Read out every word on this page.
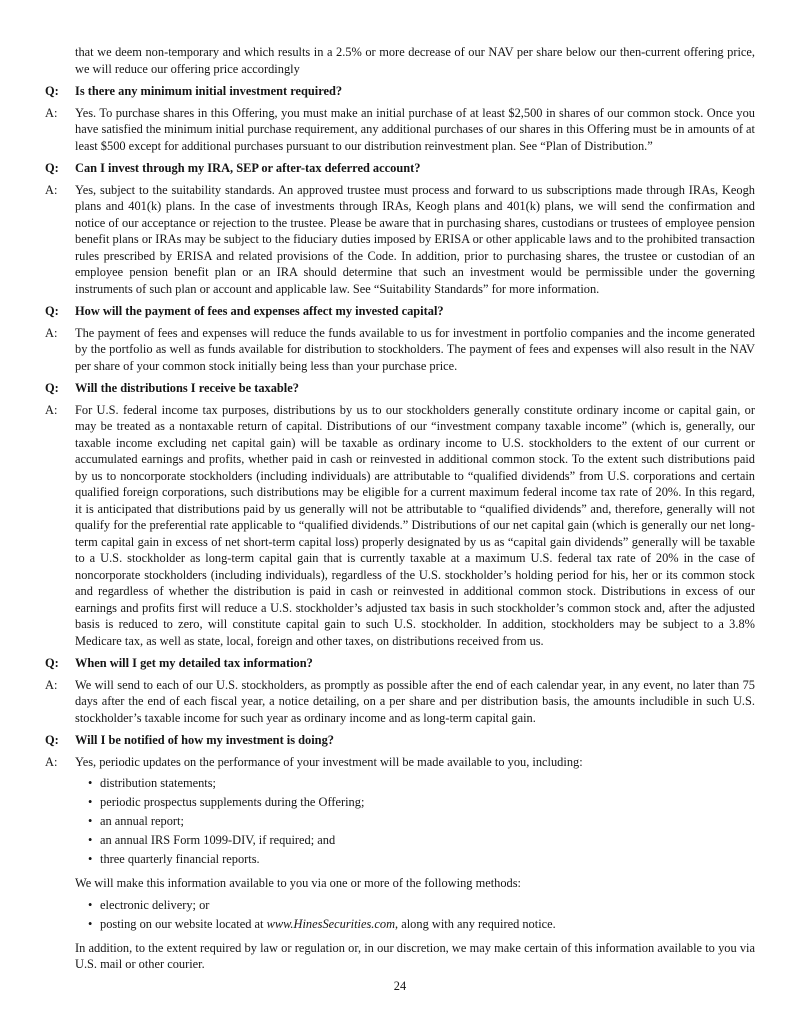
that we deem non-temporary and which results in a 2.5% or more decrease of our NAV per share below our then-current offering price, we will reduce our offering price accordingly

Q:	Is there any minimum initial investment required?
A:	Yes. To purchase shares in this Offering, you must make an initial purchase of at least $2,500 in shares of our common stock. Once you have satisfied the minimum initial purchase requirement, any additional purchases of our shares in this Offering must be in amounts of at least $500 except for additional purchases pursuant to our distribution reinvestment plan. See “Plan of Distribution.”

Q:	Can I invest through my IRA, SEP or after-tax deferred account?
A:	Yes, subject to the suitability standards. An approved trustee must process and forward to us subscriptions made through IRAs, Keogh plans and 401(k) plans. In the case of investments through IRAs, Keogh plans and 401(k) plans, we will send the confirmation and notice of our acceptance or rejection to the trustee. Please be aware that in purchasing shares, custodians or trustees of employee pension benefit plans or IRAs may be subject to the fiduciary duties imposed by ERISA or other applicable laws and to the prohibited transaction rules prescribed by ERISA and related provisions of the Code. In addition, prior to purchasing shares, the trustee or custodian of an employee pension benefit plan or an IRA should determine that such an investment would be permissible under the governing instruments of such plan or account and applicable law. See “Suitability Standards” for more information.

Q:	How will the payment of fees and expenses affect my invested capital?
A:	The payment of fees and expenses will reduce the funds available to us for investment in portfolio companies and the income generated by the portfolio as well as funds available for distribution to stockholders. The payment of fees and expenses will also result in the NAV per share of your common stock initially being less than your purchase price.

Q:	Will the distributions I receive be taxable?
A:	For U.S. federal income tax purposes, distributions by us to our stockholders generally constitute ordinary income or capital gain, or may be treated as a nontaxable return of capital. Distributions of our “investment company taxable income” (which is, generally, our taxable income excluding net capital gain) will be taxable as ordinary income to U.S. stockholders to the extent of our current or accumulated earnings and profits, whether paid in cash or reinvested in additional common stock. To the extent such distributions paid by us to noncorporate stockholders (including individuals) are attributable to “qualified dividends” from U.S. corporations and certain qualified foreign corporations, such distributions may be eligible for a current maximum federal income tax rate of 20%. In this regard, it is anticipated that distributions paid by us generally will not be attributable to “qualified dividends” and, therefore, generally will not qualify for the preferential rate applicable to “qualified dividends.” Distributions of our net capital gain (which is generally our net long-term capital gain in excess of net short-term capital loss) properly designated by us as “capital gain dividends” generally will be taxable to a U.S. stockholder as long-term capital gain that is currently taxable at a maximum U.S. federal tax rate of 20% in the case of noncorporate stockholders (including individuals), regardless of the U.S. stockholder’s holding period for his, her or its common stock and regardless of whether the distribution is paid in cash or reinvested in additional common stock. Distributions in excess of our earnings and profits first will reduce a U.S. stockholder’s adjusted tax basis in such stockholder’s common stock and, after the adjusted basis is reduced to zero, will constitute capital gain to such U.S. stockholder. In addition, stockholders may be subject to a 3.8% Medicare tax, as well as state, local, foreign and other taxes, on distributions received from us.

Q:	When will I get my detailed tax information?
A:	We will send to each of our U.S. stockholders, as promptly as possible after the end of each calendar year, in any event, no later than 75 days after the end of each fiscal year, a notice detailing, on a per share and per distribution basis, the amounts includible in such U.S. stockholder’s taxable income for such year as ordinary income and as long-term capital gain.

Q:	Will I be notified of how my investment is doing?
A:	Yes, periodic updates on the performance of your investment will be made available to you, including:

• distribution statements;
• periodic prospectus supplements during the Offering;
• an annual report;
• an annual IRS Form 1099-DIV, if required; and
• three quarterly financial reports.

We will make this information available to you via one or more of the following methods:

• electronic delivery; or
• posting on our website located at www.HinesSecurities.com, along with any required notice.

In addition, to the extent required by law or regulation or, in our discretion, we may make certain of this information available to you via U.S. mail or other courier.

24
